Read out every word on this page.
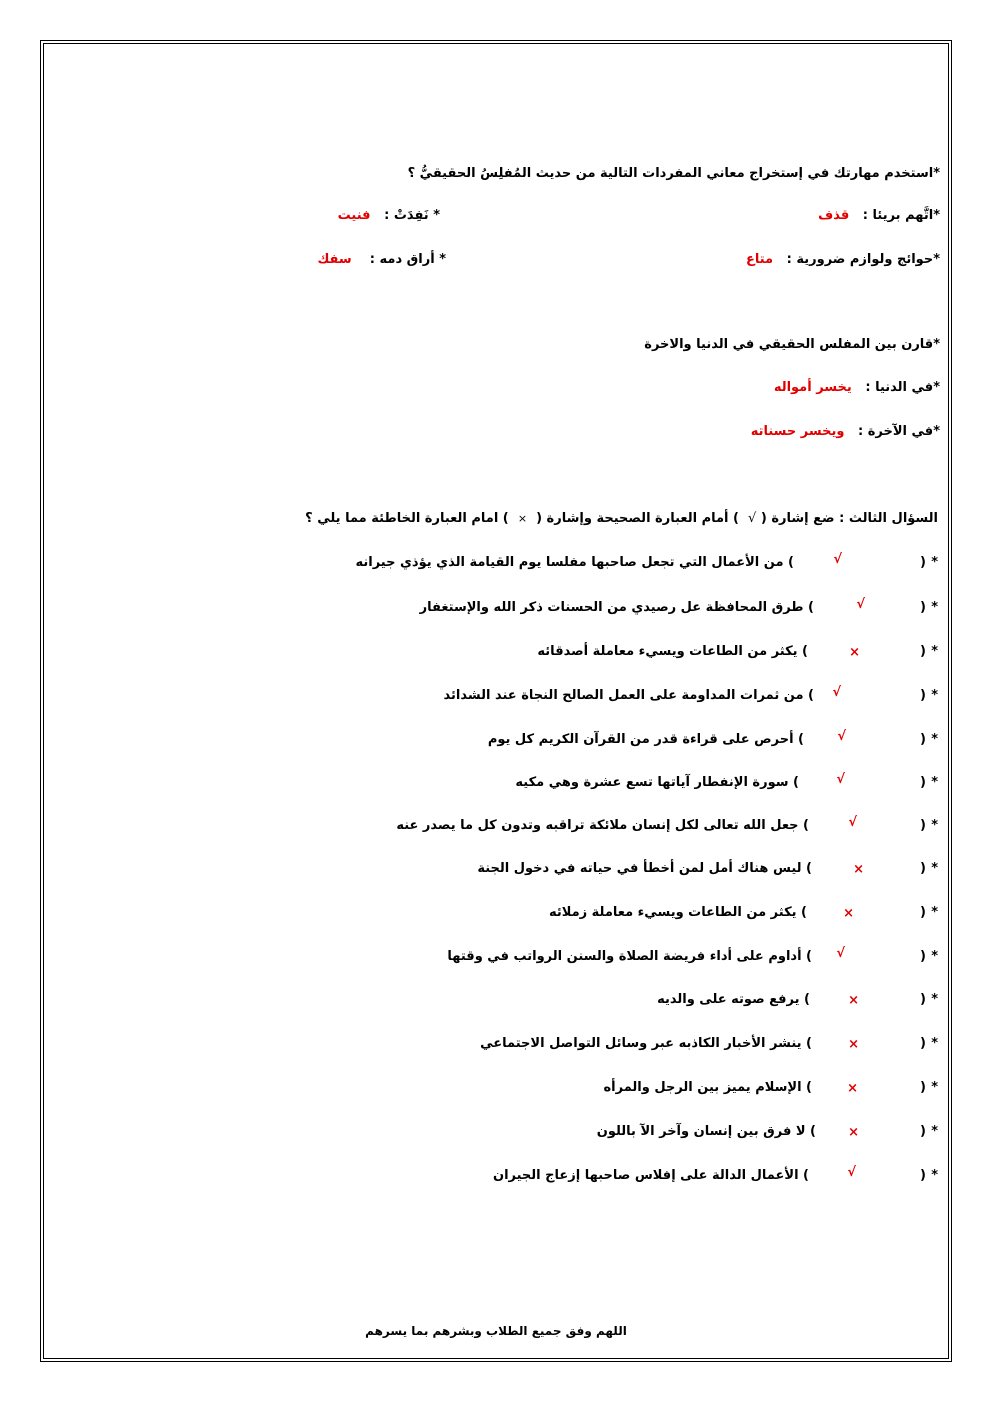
*استخدم مهارتك في إستخراج معاني المفردات التالية من حديث المُفلِسُ الحقيقيُّ ؟
*اتَّهم بريئا :   قذف
* نَفِدَتْ :   فنيت
*حوائج ولوازم ضرورية :   متاع
* أراق دمه :    سفك
*قارن بين المفلس الحقيقي في الدنيا والاخرة
*في الدنيا :   يخسر أمواله
*في الآخرة :   ويخسر حسناته
السؤال الثالث : ضع إشارة ( √  ) أمام العبارة الصحيحة وإشارة (  ×  ) امام العبارة الخاطئة مما يلي ؟
*
(
√
) من الأعمال التي تجعل صاحبها مفلسا يوم القيامة الذي يؤذي جيرانه
*
(
√
) طرق المحافظة عل رصيدي من الحسنات ذكر الله والإستغفار
*
(
×
) يكثر من الطاعات ويسيء معاملة أصدقائه
*
(
√
) من ثمرات المداومة على العمل الصالح النجاة عند الشدائد
*
(
√
) أحرص على قراءة قدر من القرآن الكريم كل يوم
*
(
√
) سورة الإنفطار آياتها تسع عشرة وهي مكيه
*
(
√
) جعل الله تعالى لكل إنسان ملائكة تراقبه وتدون كل ما يصدر عنه
*
(
×
) ليس هناك أمل لمن أخطأ في حياته في دخول الجنة
*
(
×
) يكثر من الطاعات ويسيء معاملة زملائه
*
(
√
) أداوم على أداء فريضة الصلاة والسنن الرواتب في وقتها
*
(
×
) يرفع صوته على والديه
*
(
×
) ينشر الأخبار الكاذبه عبر وسائل التواصل الاجتماعي
*
(
×
) الإسلام يميز بين الرجل والمرأه
*
(
×
) لا فرق بين إنسان وآخر الآ باللون
*
(
√
) الأعمال الدالة على إفلاس صاحبها إزعاج الجيران
اللهم وفق جميع الطلاب وبشرهم بما يسرهم
